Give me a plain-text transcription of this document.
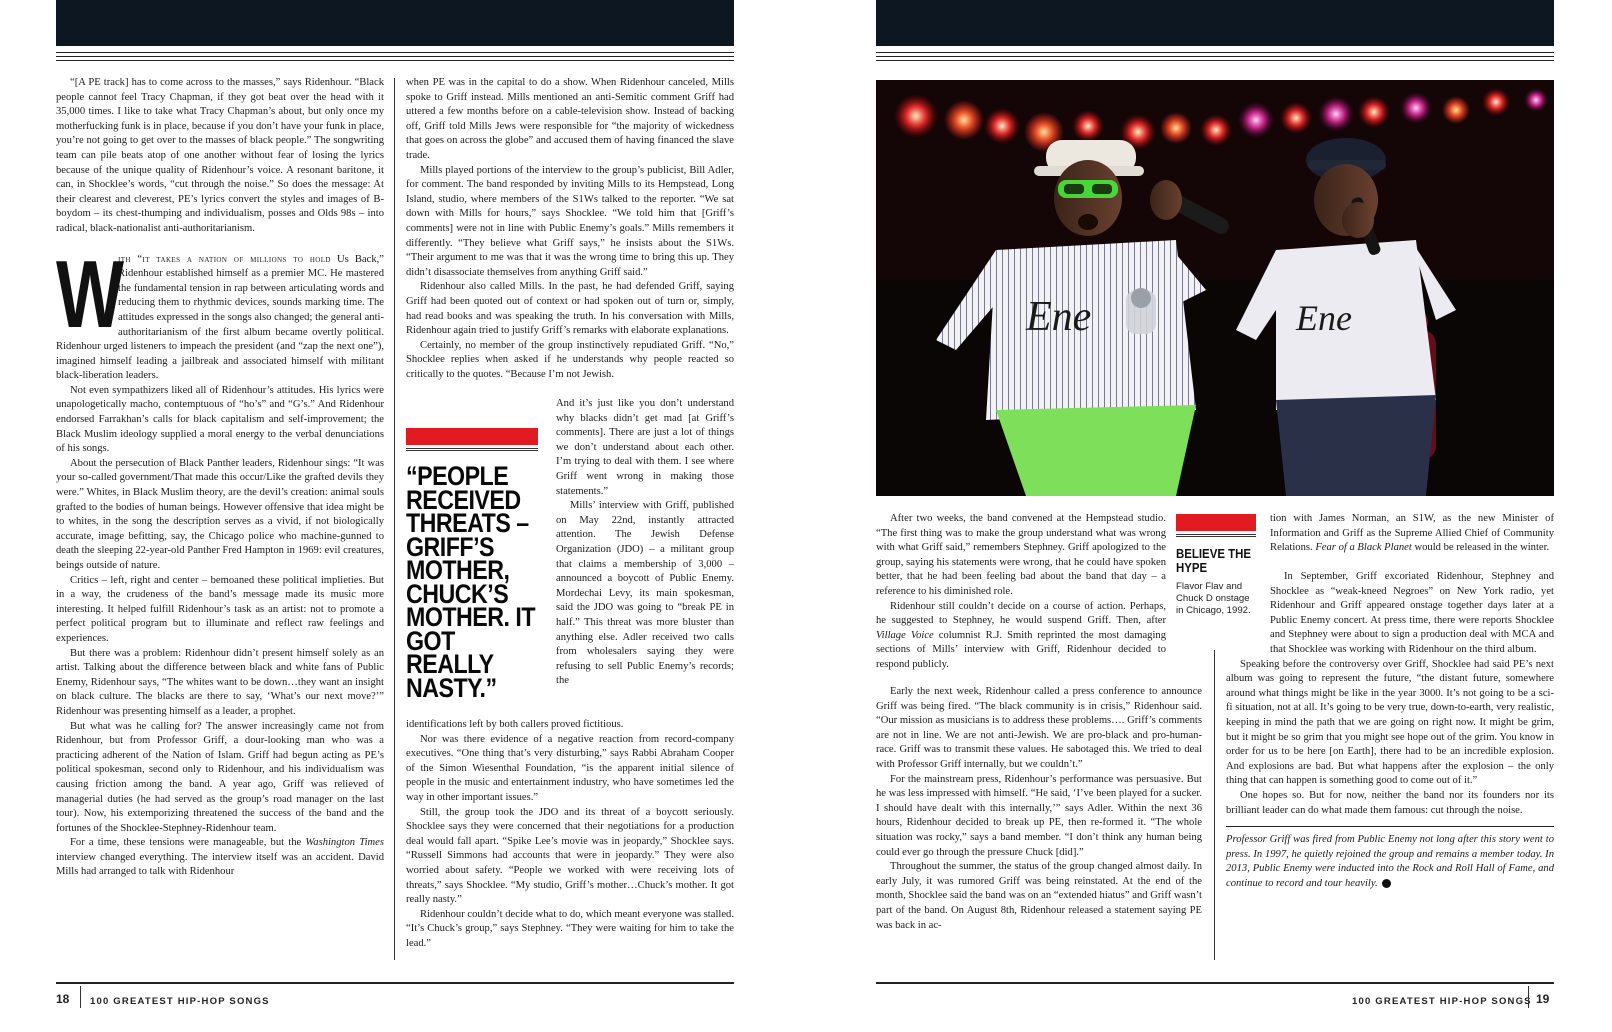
“[A PE track] has to come across to the masses,” says Ridenhour. “Black people cannot feel Tracy Chapman, if they got beat over the head with it 35,000 times. I like to take what Tracy Chapman’s about, but only once my motherfucking funk is in place, because if you don’t have your funk in place, you’re not going to get over to the masses of black people.” The songwriting team can pile beats atop of one another without fear of losing the lyrics because of the unique quality of Ridenhour’s voice. A resonant baritone, it can, in Shocklee’s words, “cut through the noise.” So does the message: At their clearest and cleverest, PE’s lyrics convert the styles and images of B-boydom – its chest-thumping and individualism, posses and Olds 98s – into radical, black-nationalist anti-authoritarianism.

W
ith “it takes a nation of millions to hold Us Back,” Ridenhour established himself as a premier MC. He mastered the fundamental tension in rap between articulating words and reducing them to rhythmic devices, sounds marking time. The attitudes expressed in the songs also changed; the general anti-authoritarianism of the first album became overtly political. Ridenhour urged listeners to impeach the president (and “zap the next one”), imagined himself leading a jailbreak and associated himself with militant black-liberation leaders.

Not even sympathizers liked all of Ridenhour’s attitudes. His lyrics were unapologetically macho, contemptuous of “ho’s” and “G’s.” And Ridenhour endorsed Farrakhan’s calls for black capitalism and self-improvement; the Black Muslim ideology supplied a moral energy to the verbal denunciations of his songs.

About the persecution of Black Panther leaders, Ridenhour sings: “It was your so-called government/That made this occur/Like the grafted devils they were.” Whites, in Black Muslim theory, are the devil’s creation: animal souls grafted to the bodies of human beings. However offensive that idea might be to whites, in the song the description serves as a vivid, if not biologically accurate, image befitting, say, the Chicago police who machine-gunned to death the sleeping 22-year-old Panther Fred Hampton in 1969: evil creatures, beings outside of nature.

Critics – left, right and center – bemoaned these political implieties. But in a way, the crudeness of the band’s message made its music more interesting. It helped fulfill Ridenhour’s task as an artist: not to promote a perfect political program but to illuminate and reflect raw feelings and experiences.

But there was a problem: Ridenhour didn’t present himself solely as an artist. Talking about the difference between black and white fans of Public Enemy, Ridenhour says, “The whites want to be down…they want an insight on black culture. The blacks are there to say, ‘What’s our next move?’” Ridenhour was presenting himself as a leader, a prophet.

But what was he calling for? The answer increasingly came not from Ridenhour, but from Professor Griff, a dour-looking man who was a practicing adherent of the Nation of Islam. Griff had begun acting as PE’s political spokesman, second only to Ridenhour, and his individualism was causing friction among the band. A year ago, Griff was relieved of managerial duties (he had served as the group’s road manager on the last tour). Now, his extemporizing threatened the success of the band and the fortunes of the Shocklee-Stephney-Ridenhour team.

For a time, these tensions were manageable, but the Washington Times interview changed everything. The interview itself was an accident. David Mills had arranged to talk with Ridenhour

when PE was in the capital to do a show. When Ridenhour canceled, Mills spoke to Griff instead. Mills mentioned an anti-Semitic comment Griff had uttered a few months before on a cable-television show. Instead of backing off, Griff told Mills Jews were responsible for “the majority of wickedness that goes on across the globe” and accused them of having financed the slave trade.

Mills played portions of the interview to the group’s publicist, Bill Adler, for comment. The band responded by inviting Mills to its Hempstead, Long Island, studio, where members of the S1Ws talked to the reporter. “We sat down with Mills for hours,” says Shocklee. “We told him that [Griff’s comments] were not in line with Public Enemy’s goals.” Mills remembers it differently. “They believe what Griff says,” he insists about the S1Ws. “Their argument to me was that it was the wrong time to bring this up. They didn’t disassociate themselves from anything Griff said.”

Ridenhour also called Mills. In the past, he had defended Griff, saying Griff had been quoted out of context or had spoken out of turn or, simply, had read books and was speaking the truth. In his conversation with Mills, Ridenhour again tried to justify Griff’s remarks with elaborate explanations.

Certainly, no member of the group instinctively repudiated Griff. “No,” Shocklee replies when asked if he understands why people reacted so critically to the quotes. “Because I’m not Jewish.

And it’s just like you don’t understand why blacks didn’t get mad [at Griff’s comments]. There are just a lot of things we don’t understand about each other. I’m trying to deal with them. I see where Griff went wrong in making those statements.”

Mills’ interview with Griff, published on May 22nd, instantly attracted attention. The Jewish Defense Organization (JDO) – a militant group that claims a membership of 3,000 – announced a boycott of Public Enemy. Mordechai Levy, its main spokesman, said the JDO was going to “break PE in half.” This threat was more bluster than anything else. Adler received two calls from wholesalers saying they were refusing to sell Public Enemy’s records; the

identifications left by both callers proved fictitious.

Nor was there evidence of a negative reaction from record-company executives. “One thing that’s very disturbing,” says Rabbi Abraham Cooper of the Simon Wiesenthal Foundation, “is the apparent initial silence of people in the music and entertainment industry, who have sometimes led the way in other important issues.”

Still, the group took the JDO and its threat of a boycott seriously. Shocklee says they were concerned that their negotiations for a production deal would fall apart. “Spike Lee’s movie was in jeopardy,” Shocklee says. “Russell Simmons had accounts that were in jeopardy.” They were also worried about safety. “People we worked with were receiving lots of threats,” says Shocklee. “My studio, Griff’s mother…Chuck’s mother. It got really nasty.”

Ridenhour couldn’t decide what to do, which meant everyone was stalled. “It’s Chuck’s group,” says Stephney. “They were waiting for him to take the lead.”

“PEOPLE RECEIVED THREATS – GRIFF’S MOTHER, CHUCK’S MOTHER. IT GOT REALLY NASTY.”
18 100 GREATEST HIP-HOP SONGS
Ene	Ene

After two weeks, the band convened at the Hempstead studio. “The first thing was to make the group understand what was wrong with what Griff said,” remembers Stephney. Griff apologized to the group, saying his statements were wrong, that he could have spoken better, that he had been feeling bad about the band that day – a reference to his diminished role.

Ridenhour still couldn’t decide on a course of action. Perhaps, he suggested to Stephney, he would suspend Griff. Then, after Village Voice columnist R.J. Smith reprinted the most damaging sections of Mills’ interview with Griff, Ridenhour decided to respond publicly.

Early the next week, Ridenhour called a press conference to announce Griff was being fired. “The black community is in crisis,” Ridenhour said. “Our mission as musicians is to address these problems…. Griff’s comments are not in line. We are not anti-Jewish. We are pro-black and pro-human-race. Griff was to transmit these values. He sabotaged this. We tried to deal with Professor Griff internally, but we couldn’t.”

For the mainstream press, Ridenhour’s performance was persuasive. But he was less impressed with himself. “He said, ‘I’ve been played for a sucker. I should have dealt with this internally,’” says Adler. Within the next 36 hours, Ridenhour decided to break up PE, then re-formed it. “The whole situation was rocky,” says a band member. “I don’t think any human being could ever go through the pressure Chuck [did].”

Throughout the summer, the status of the group changed almost daily. In early July, it was rumored Griff was being reinstated. At the end of the month, Shocklee said the band was on an “extended hiatus” and Griff wasn’t part of the band. On August 8th, Ridenhour released a statement saying PE was back in ac-

BELIEVE THE HYPE
Flavor Flav and Chuck D onstage in Chicago, 1992.

tion with James Norman, an S1W, as the new Minister of Information and Griff as the Supreme Allied Chief of Community Relations. Fear of a Black Planet would be released in the winter.

In September, Griff excoriated Ridenhour, Stephney and Shocklee as “weak-kneed Negroes” on New York radio, yet Ridenhour and Griff appeared onstage together days later at a Public Enemy concert. At press time, there were reports Shocklee and Stephney were about to sign a production deal with MCA and that Shocklee was working with Ridenhour on the third album.

Speaking before the controversy over Griff, Shocklee had said PE’s next album was going to represent the future, “the distant future, somewhere around what things might be like in the year 3000. It’s not going to be a sci-fi situation, not at all. It’s going to be very true, down-to-earth, very realistic, keeping in mind the path that we are going on right now. It might be grim, but it might be so grim that you might see hope out of the grim. You know in order for us to be here [on Earth], there had to be an incredible explosion. And explosions are bad. But what happens after the explosion – the only thing that can happen is something good to come out of it.”

One hopes so. But for now, neither the band nor its founders nor its brilliant leader can do what made them famous: cut through the noise.

Professor Griff was fired from Public Enemy not long after this story went to press. In 1997, he quietly rejoined the group and remains a member today. In 2013, Public Enemy were inducted into the Rock and Roll Hall of Fame, and continue to record and tour heavily.

100 GREATEST HIP-HOP SONGS 19
